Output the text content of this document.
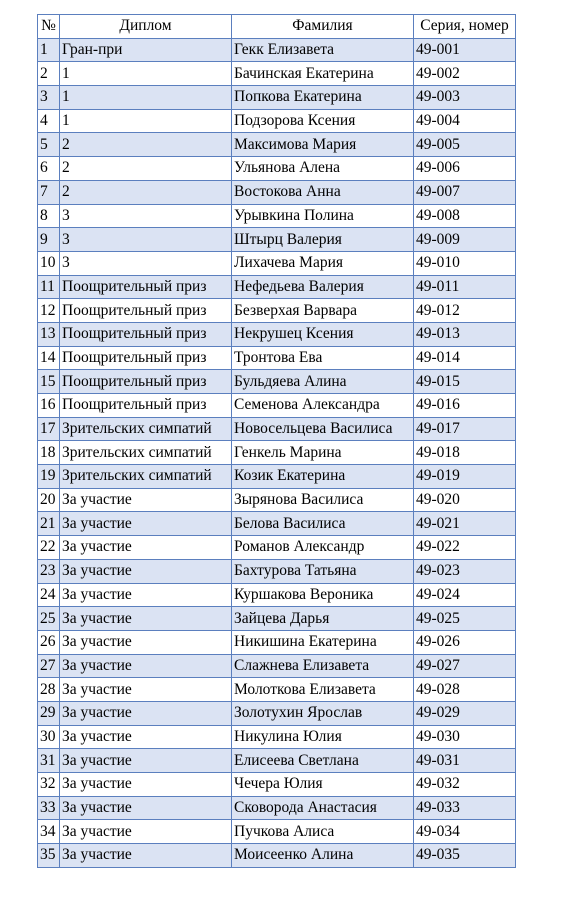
№	Диплом	Фамилия	Серия, номер
1	Гран-при	Гекк Елизавета	49-001
2	1	Бачинская Екатерина	49-002
3	1	Попкова Екатерина	49-003
4	1	Подзорова Ксения	49-004
5	2	Максимова Мария	49-005
6	2	Ульянова Алена	49-006
7	2	Востокова Анна	49-007
8	3	Урывкина Полина	49-008
9	3	Штырц Валерия	49-009
10	3	Лихачева Мария	49-010
11	Поощрительный приз	Нефедьева Валерия	49-011
12	Поощрительный приз	Безверхая Варвара	49-012
13	Поощрительный приз	Некрушец Ксения	49-013
14	Поощрительный приз	Тронтова Ева	49-014
15	Поощрительный приз	Бульдяева Алина	49-015
16	Поощрительный приз	Семенова Александра	49-016
17	Зрительских симпатий	Новосельцева Василиса	49-017
18	Зрительских симпатий	Генкель Марина	49-018
19	Зрительских симпатий	Козик Екатерина	49-019
20	За участие	Зырянова Василиса	49-020
21	За участие	Белова Василиса	49-021
22	За участие	Романов Александр	49-022
23	За участие	Бахтурова Татьяна	49-023
24	За участие	Куршакова Вероника	49-024
25	За участие	Зайцева Дарья	49-025
26	За участие	Никишина Екатерина	49-026
27	За участие	Слажнева Елизавета	49-027
28	За участие	Молоткова Елизавета	49-028
29	За участие	Золотухин Ярослав	49-029
30	За участие	Никулина Юлия	49-030
31	За участие	Елисеева Светлана	49-031
32	За участие	Чечера Юлия	49-032
33	За участие	Сковорода Анастасия	49-033
34	За участие	Пучкова Алиса	49-034
35	За участие	Моисеенко Алина	49-035
